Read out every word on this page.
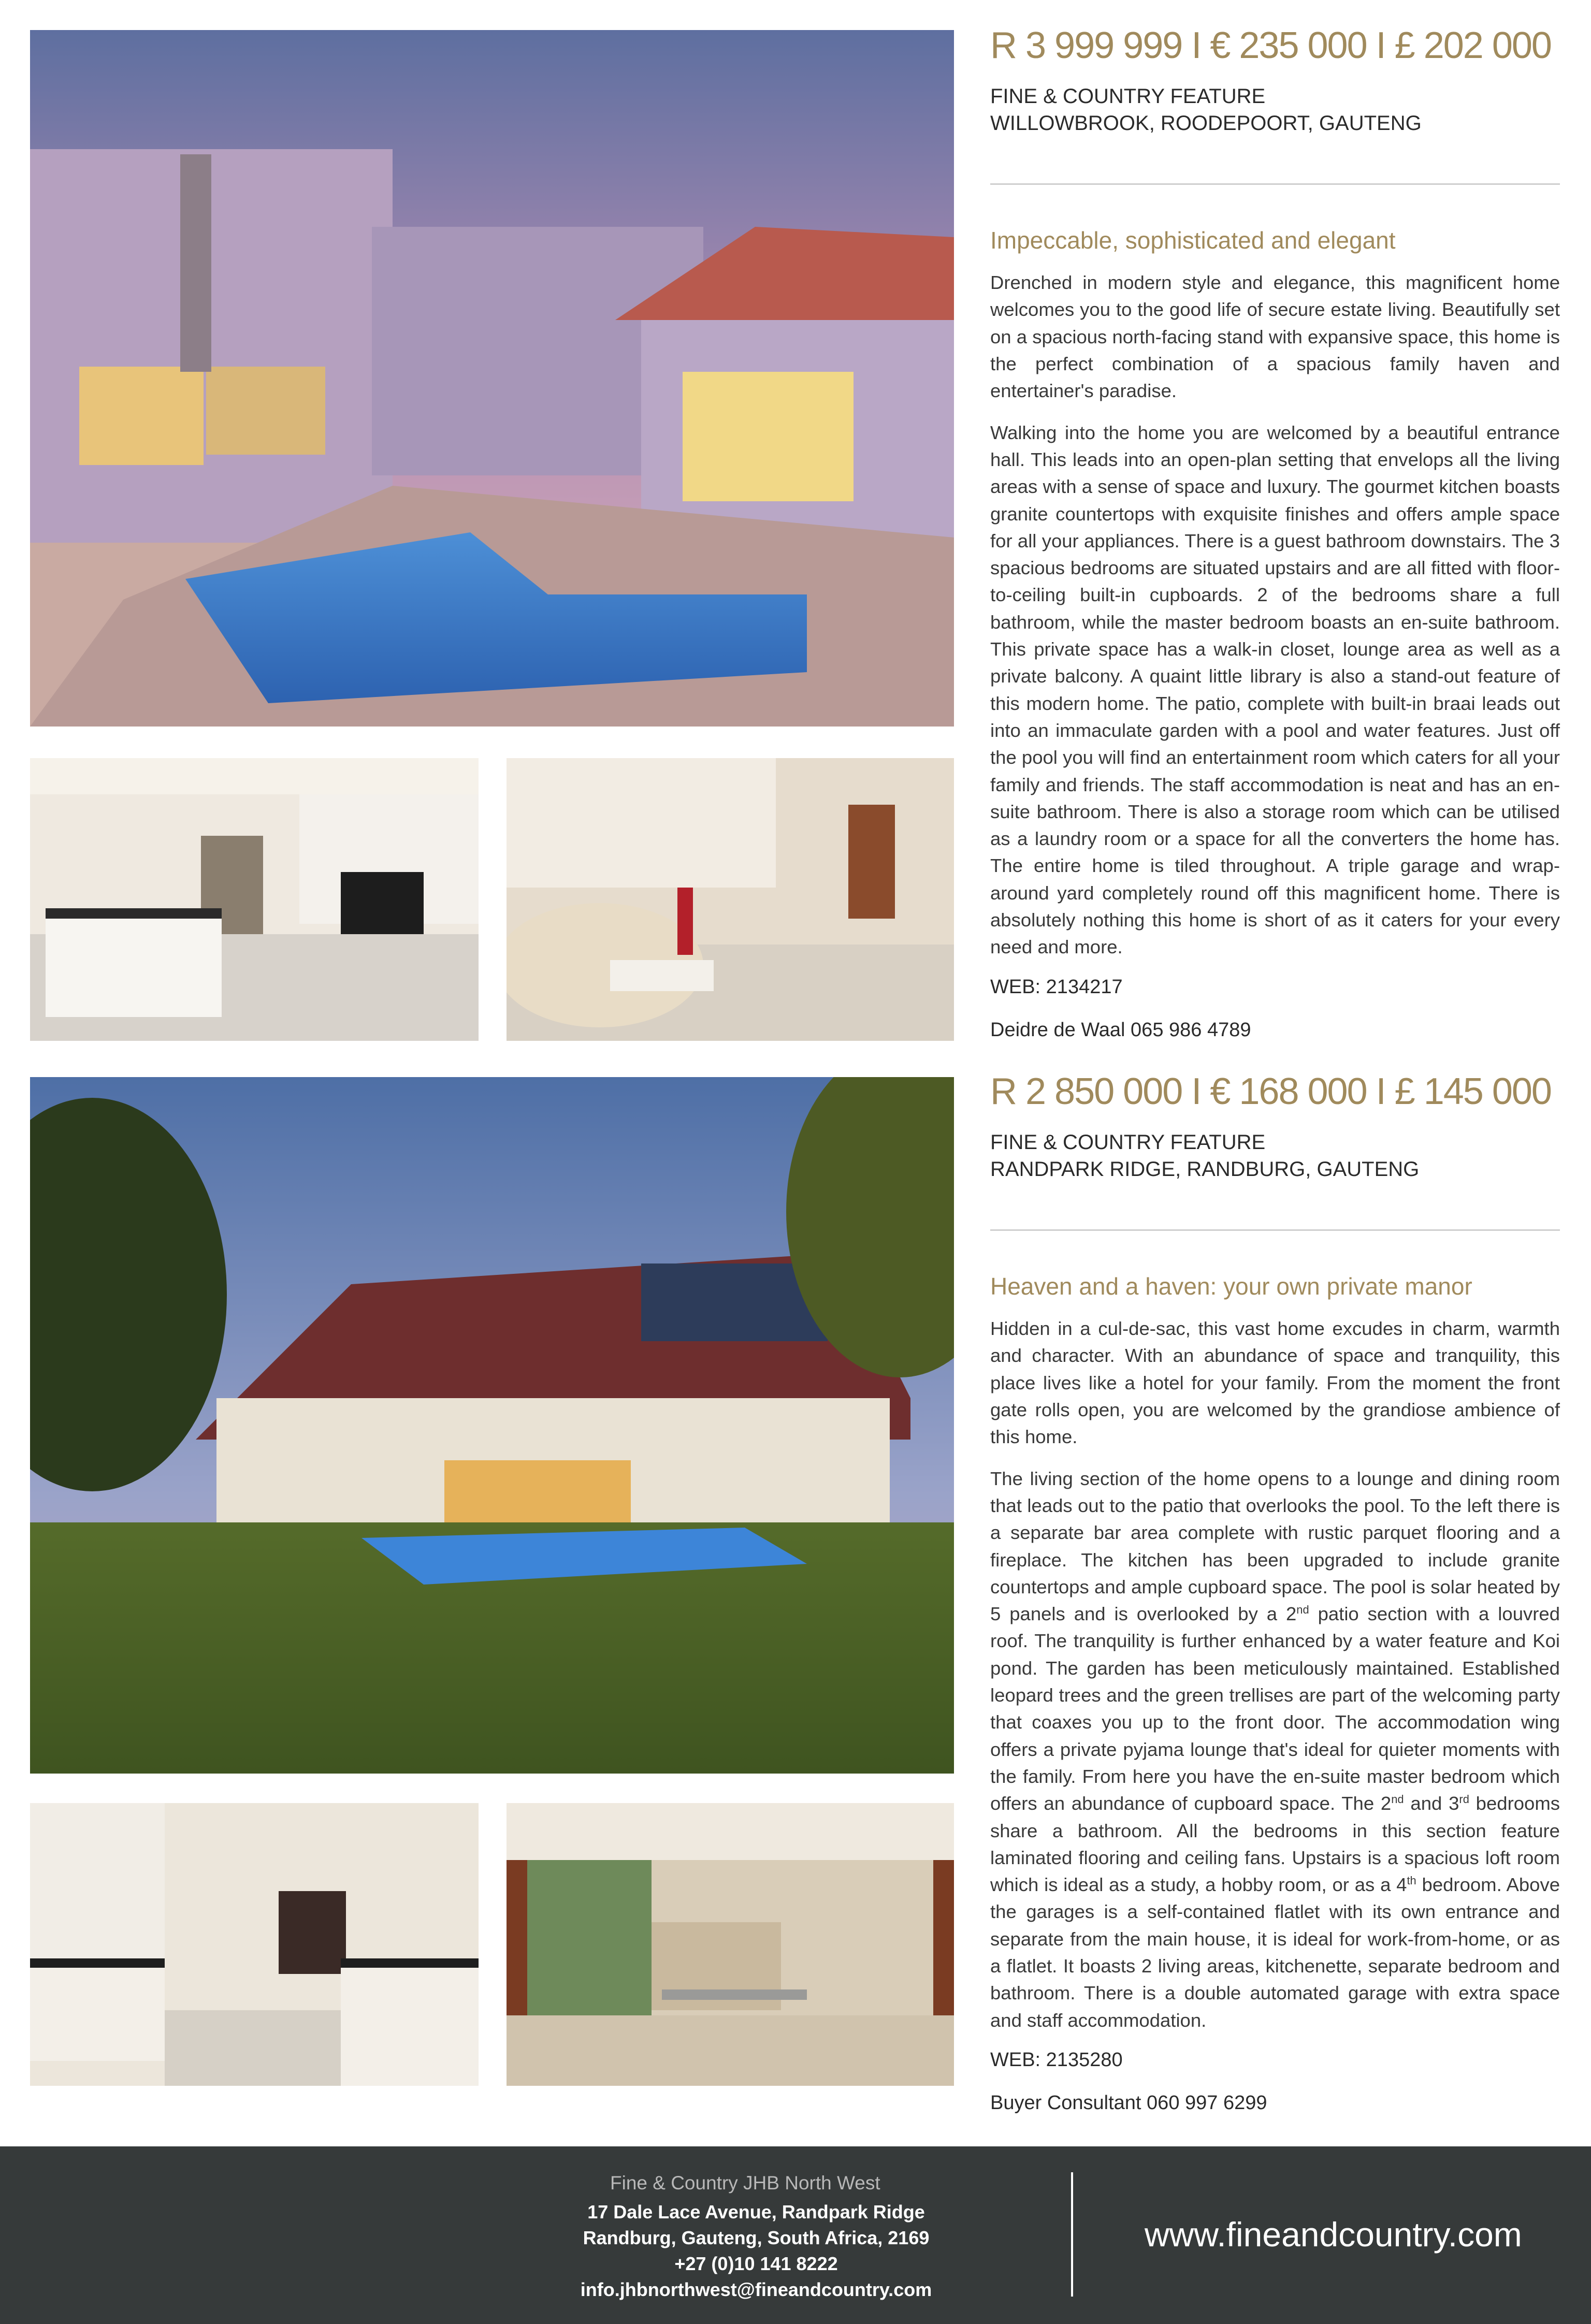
R 3 999 999 I € 235 000 I £ 202 000
FINE & COUNTRY FEATURE
WILLOWBROOK, ROODEPOORT, GAUTENG
Impeccable, sophisticated and elegant

Drenched in modern style and elegance, this magnificent home welcomes you to the good life of secure estate living. Beautifully set on a spacious north-facing stand with expansive space, this home is the perfect combination of a spacious family haven and entertainer's paradise.

Walking into the home you are welcomed by a beautiful entrance hall. This leads into an open-plan setting that envelops all the living areas with a sense of space and luxury. The gourmet kitchen boasts granite countertops with exquisite finishes and offers ample space for all your appliances. There is a guest bathroom downstairs. The 3 spacious bedrooms are situated upstairs and are all fitted with floor-to-ceiling built-in cupboards. 2 of the bedrooms share a full bathroom, while the master bedroom boasts an en-suite bathroom. This private space has a walk-in closet, lounge area as well as a private balcony. A quaint little library is also a stand-out feature of this modern home. The patio, complete with built-in braai leads out into an immaculate garden with a pool and water features. Just off the pool you will find an entertainment room which caters for all your family and friends. The staff accommodation is neat and has an en-suite bathroom. There is also a storage room which can be utilised as a laundry room or a space for all the converters the home has. The entire home is tiled throughout. A triple garage and wrap-around yard completely round off this magnificent home. There is absolutely nothing this home is short of as it caters for your every need and more.

WEB: 2134217
Deidre de Waal 065 986 4789
R 2 850 000 I € 168 000 I £ 145 000
FINE & COUNTRY FEATURE
RANDPARK RIDGE, RANDBURG, GAUTENG
Heaven and a haven: your own private manor

Hidden in a cul-de-sac, this vast home excudes in charm, warmth and character. With an abundance of space and tranquility, this place lives like a hotel for your family. From the moment the front gate rolls open, you are welcomed by the grandiose ambience of this home.

The living section of the home opens to a lounge and dining room that leads out to the patio that overlooks the pool. To the left there is a separate bar area complete with rustic parquet flooring and a fireplace. The kitchen has been upgraded to include granite countertops and ample cupboard space. The pool is solar heated by 5 panels and is overlooked by a 2nd patio section with a louvred roof. The tranquility is further enhanced by a water feature and Koi pond. The garden has been meticulously maintained. Established leopard trees and the green trellises are part of the welcoming party that coaxes you up to the front door. The accommodation wing offers a private pyjama lounge that's ideal for quieter moments with the family. From here you have the en-suite master bedroom which offers an abundance of cupboard space. The 2nd and 3rd bedrooms share a bathroom. All the bedrooms in this section feature laminated flooring and ceiling fans. Upstairs is a spacious loft room which is ideal as a study, a hobby room, or as a 4th bedroom. Above the garages is a self-contained flatlet with its own entrance and separate from the main house, it is ideal for work-from-home, or as a flatlet. It boasts 2 living areas, kitchenette, separate bedroom and bathroom. There is a double automated garage with extra space and staff accommodation.

WEB: 2135280
Buyer Consultant 060 997 6299
Fine & Country JHB North West
17 Dale Lace Avenue, Randpark Ridge
Randburg, Gauteng, South Africa, 2169
+27 (0)10 141 8222
info.jhbnorthwest@fineandcountry.com
www.fineandcountry.com
